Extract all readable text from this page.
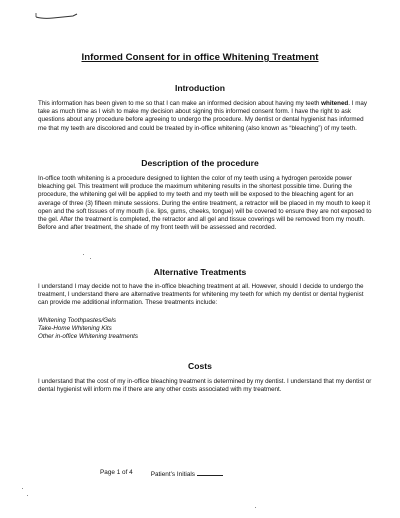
Informed Consent for in office Whitening Treatment
Introduction

This information has been given to me so that I can make an informed decision about having my teeth whitened. I may take as much time as I wish to make my decision about signing this informed consent form. I have the right to ask questions about any procedure before agreeing to undergo the procedure. My dentist or dental hygienist has informed me that my teeth are discolored and could be treated by in-office whitening (also known as “bleaching”) of my teeth.

Description of the procedure

In-office tooth whitening is a procedure designed to lighten the color of my teeth using a hydrogen peroxide power bleaching gel. This treatment will produce the maximum whitening results in the shortest possible time. During the procedure, the whitening gel will be applied to my teeth and my teeth will be exposed to the bleaching agent for an average of three (3) fifteen minute sessions. During the entire treatment, a retractor will be placed in my mouth to keep it open and the soft tissues of my mouth (i.e. lips, gums, cheeks, tongue) will be covered to ensure they are not exposed to the gel. After the treatment is completed, the retractor and all gel and tissue coverings will be removed from my mouth. Before and after treatment, the shade of my front teeth will be assessed and recorded.

Alternative Treatments

I understand I may decide not to have the in-office bleaching treatment at all. However, should I decide to undergo the treatment, I understand there are alternative treatments for whitening my teeth for which my dentist or dental hygienist can provide me additional information. These treatments include:

Whitening Toothpastes/Gels
Take-Home Whitening Kits
Other in-office Whitening treatments
Costs

I understand that the cost of my in-office bleaching treatment is determined by my dentist. I understand that my dentist or dental hygienist will inform me if there are any other costs associated with my treatment.

Page 1 of 4	Patient’s Initials
